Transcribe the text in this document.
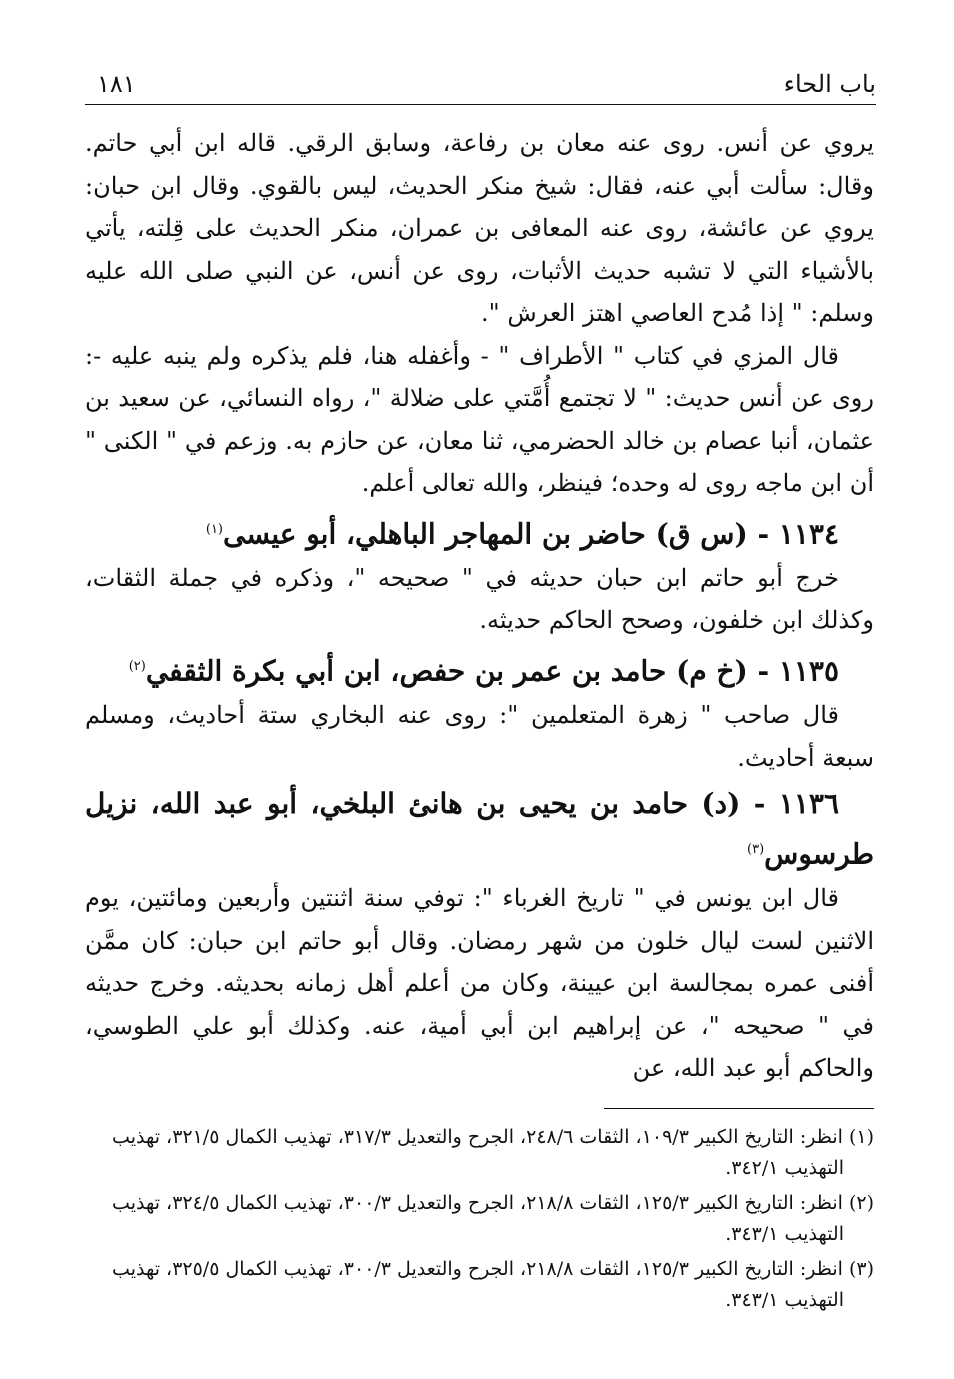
باب الحاء
١٨١

يروي عن أنس. روى عنه معان بن رفاعة، وسابق الرقي. قاله ابن أبي حاتم. وقال: سألت أبي عنه، فقال: شيخ منكر الحديث، ليس بالقوي. وقال ابن حبان: يروي عن عائشة، روى عنه المعافى بن عمران، منكر الحديث على قِلته، يأتي بالأشياء التي لا تشبه حديث الأثبات، روى عن أنس، عن النبي صلى الله عليه وسلم: " إذا مُدح العاصي اهتز العرش ".

قال المزي في كتاب " الأطراف " - وأغفله هنا، فلم يذكره ولم ينبه عليه -: روى عن أنس حديث: " لا تجتمع أُمَّتي على ضلالة "، رواه النسائي، عن سعيد بن عثمان، أنبا عصام بن خالد الحضرمي، ثنا معان، عن حازم به. وزعم في " الكنى " أن ابن ماجه روى له وحده؛ فينظر، والله تعالى أعلم.

١١٣٤ - (س ق) حاضر بن المهاجر الباهلي، أبو عيسى$^{(١)}$

خرج أبو حاتم ابن حبان حديثه في " صحيحه "، وذكره في جملة الثقات، وكذلك ابن خلفون، وصحح الحاكم حديثه.

١١٣٥ - (خ م) حامد بن عمر بن حفص، ابن أبي بكرة الثقفي$^{(٢)}$

قال صاحب " زهرة المتعلمين ": روى عنه البخاري ستة أحاديث، ومسلم سبعة أحاديث.

١١٣٦ - (د) حامد بن يحيى بن هانئ البلخي، أبو عبد الله، نزيل طرسوس$^{(٣)}$

قال ابن يونس في " تاريخ الغرباء ": توفي سنة اثنتين وأربعين ومائتين، يوم الاثنين لست ليال خلون من شهر رمضان. وقال أبو حاتم ابن حبان: كان ممَّن أفنى عمره بمجالسة ابن عيينة، وكان من أعلم أهل زمانه بحديثه. وخرج حديثه في " صحيحه "، عن إبراهيم ابن أبي أمية، عنه. وكذلك أبو علي الطوسي، والحاكم أبو عبد الله، عن

(١) انظر: التاريخ الكبير ١٠٩/٣، الثقات ٢٤٨/٦، الجرح والتعديل ٣١٧/٣، تهذيب الكمال ٣٢١/٥، تهذيب التهذيب ٣٤٢/١.

(٢) انظر: التاريخ الكبير ١٢٥/٣، الثقات ٢١٨/٨، الجرح والتعديل ٣٠٠/٣، تهذيب الكمال ٣٢٤/٥، تهذيب التهذيب ٣٤٣/١.

(٣) انظر: التاريخ الكبير ١٢٥/٣، الثقات ٢١٨/٨، الجرح والتعديل ٣٠٠/٣، تهذيب الكمال ٣٢٥/٥، تهذيب التهذيب ٣٤٣/١.
